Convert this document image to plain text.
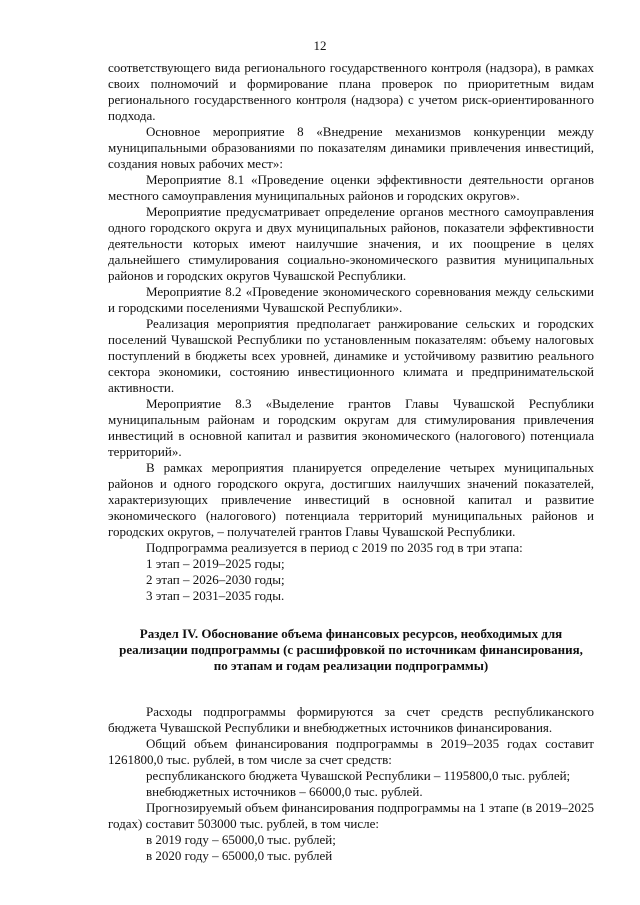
12

соответствующего вида регионального государственного контроля (надзора), в рамках своих полномочий и формирование плана проверок по приоритетным видам регионального государственного контроля (надзора) с учетом риск-ориентированного подхода.

Основное мероприятие 8 «Внедрение механизмов конкуренции между муниципальными образованиями по показателям динамики привлечения инвестиций, создания новых рабочих мест»:

Мероприятие 8.1 «Проведение оценки эффективности деятельности органов местного самоуправления муниципальных районов и городских округов».

Мероприятие предусматривает определение органов местного самоуправления одного городского округа и двух муниципальных районов, показатели эффективности деятельности которых имеют наилучшие значения, и их поощрение в целях дальнейшего стимулирования социально-экономического развития муниципальных районов и городских округов Чувашской Республики.

Мероприятие 8.2 «Проведение экономического соревнования между сельскими и городскими поселениями Чувашской Республики».

Реализация мероприятия предполагает ранжирование сельских и городских поселений Чувашской Республики по установленным показателям: объему налоговых поступлений в бюджеты всех уровней, динамике и устойчивому развитию реального сектора экономики, состоянию инвестиционного климата и предпринимательской активности.

Мероприятие 8.3 «Выделение грантов Главы Чувашской Республики муниципальным районам и городским округам для стимулирования привлечения инвестиций в основной капитал и развития экономического (налогового) потенциала территорий».

В рамках мероприятия планируется определение четырех муниципальных районов и одного городского округа, достигших наилучших значений показателей, характеризующих привлечение инвестиций в основной капитал и развитие экономического (налогового) потенциала территорий муниципальных районов и городских округов, – получателей грантов Главы Чувашской Республики.

Подпрограмма реализуется в период с 2019 по 2035 год в три этапа:

1 этап – 2019–2025 годы;

2 этап – 2026–2030 годы;

3 этап – 2031–2035 годы.

Раздел IV. Обоснование объема финансовых ресурсов, необходимых для реализации подпрограммы (с расшифровкой по источникам финансирования, по этапам и годам реализации подпрограммы)

Расходы подпрограммы формируются за счет средств республиканского бюджета Чувашской Республики и внебюджетных источников финансирования.

Общий объем финансирования подпрограммы в 2019–2035 годах составит 1261800,0 тыс. рублей, в том числе за счет средств:

республиканского бюджета Чувашской Республики – 1195800,0 тыс. рублей;

внебюджетных источников – 66000,0 тыс. рублей.

Прогнозируемый объем финансирования подпрограммы на 1 этапе (в 2019–2025 годах) составит 503000 тыс. рублей, в том числе:

в 2019 году – 65000,0 тыс. рублей;

в 2020 году – 65000,0 тыс. рублей
